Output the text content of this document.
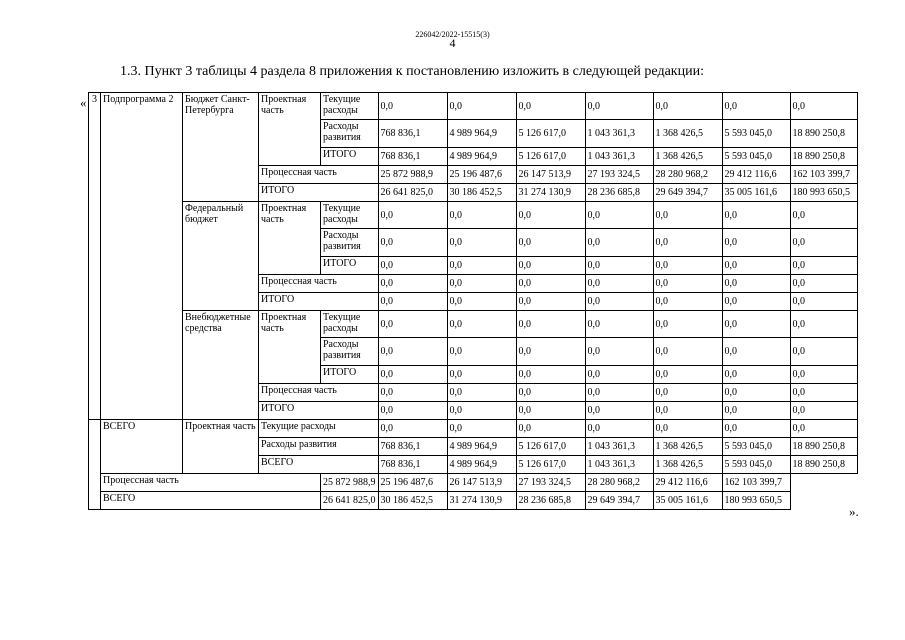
226042/2022-15515(3)
4
1.3. Пункт 3 таблицы 4 раздела 8 приложения к постановлению изложить в следующей редакции:
«
».
3	Подпрограмма 2	Бюджет Санкт-Петербурга	Проектная часть	Текущие расходы	0,0	0,0	0,0	0,0	0,0	0,0	0,0
				Расходы развития	768 836,1	4 989 964,9	5 126 617,0	1 043 361,3	1 368 426,5	5 593 045,0	18 890 250,8
				ИТОГО	768 836,1	4 989 964,9	5 126 617,0	1 043 361,3	1 368 426,5	5 593 045,0	18 890 250,8
			Процессная часть		25 872 988,9	25 196 487,6	26 147 513,9	27 193 324,5	28 280 968,2	29 412 116,6	162 103 399,7
			ИТОГО		26 641 825,0	30 186 452,5	31 274 130,9	28 236 685,8	29 649 394,7	35 005 161,6	180 993 650,5
		Федеральный бюджет	Проектная часть	Текущие расходы	0,0	0,0	0,0	0,0	0,0	0,0	0,0
				Расходы развития	0,0	0,0	0,0	0,0	0,0	0,0	0,0
				ИТОГО	0,0	0,0	0,0	0,0	0,0	0,0	0,0
			Процессная часть		0,0	0,0	0,0	0,0	0,0	0,0	0,0
			ИТОГО		0,0	0,0	0,0	0,0	0,0	0,0	0,0
		Внебюджетные средства	Проектная часть	Текущие расходы	0,0	0,0	0,0	0,0	0,0	0,0	0,0
				Расходы развития	0,0	0,0	0,0	0,0	0,0	0,0	0,0
				ИТОГО	0,0	0,0	0,0	0,0	0,0	0,0	0,0
			Процессная часть		0,0	0,0	0,0	0,0	0,0	0,0	0,0
			ИТОГО		0,0	0,0	0,0	0,0	0,0	0,0	0,0
	ВСЕГО	Проектная часть	Текущие расходы		0,0	0,0	0,0	0,0	0,0	0,0	0,0
			Расходы развития		768 836,1	4 989 964,9	5 126 617,0	1 043 361,3	1 368 426,5	5 593 045,0	18 890 250,8
			ВСЕГО		768 836,1	4 989 964,9	5 126 617,0	1 043 361,3	1 368 426,5	5 593 045,0	18 890 250,8
	Процессная часть			25 872 988,9	25 196 487,6	26 147 513,9	27 193 324,5	28 280 968,2	29 412 116,6	162 103 399,7	
	ВСЕГО			26 641 825,0	30 186 452,5	31 274 130,9	28 236 685,8	29 649 394,7	35 005 161,6	180 993 650,5	
